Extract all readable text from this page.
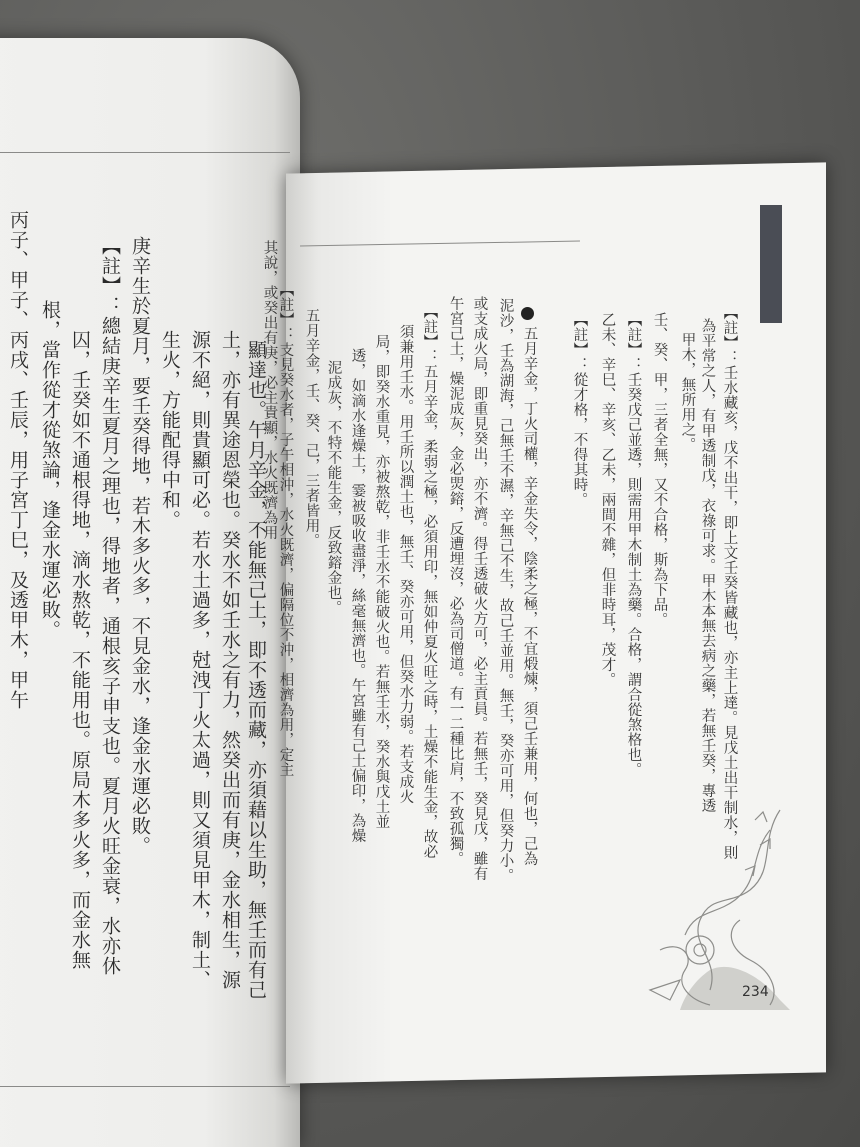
丙子、甲子、丙戌、壬辰，用子宮丁巳，及透甲木，甲午 根，當作從才從煞論，逢金水運必敗。 囚，壬癸如不通根得地，滴水熬乾，不能用也。原局木多火多，而金水無 【註】：總結庚辛生夏月之理也，得地者，通根亥子申支也。夏月火旺金衰，水亦休 庚辛生於夏月，要壬癸得地，若木多火多，不見金水，逢金水運必敗。 生火，方能配得中和。 源不絕，則貴顯可必。若水土過多，尅洩丁火太過，則又須見甲木，制土、 土，亦有異途恩榮也。癸水不如壬水之有力，然癸出而有庚，金水相生，源 顯達也。午月辛金，不能無己土，即不透而藏，亦須藉以生助，無壬而有己
其說，或癸出有庚，必主貴顯，水火既濟為用 【註】：支見癸水者，子午相沖，水火既濟，偏隔位不沖，相濟為用，定主	【註】：壬水藏亥，戊不出干，即上文壬癸皆藏也，亦主上達。見戊土出干制水，則
為平常之人，有甲透制戊，衣祿可求。甲木本無去病之藥，若無壬癸，專透
甲木，無所用之。
壬、癸、甲，三者全無，又不合格，斯為下品。
【註】：壬癸戊己並透，則需用甲木制土為藥。合格，謂合從煞格也。
乙未、辛巳、辛亥、乙未，兩間不雜，但非時耳，茂才。
【註】：從才格，不得其時。
五月辛金，丁火司權，辛金失令，陰柔之極，不宜煅煉，須己壬兼用，何也，己為
泥沙，壬為湖海，己無壬不濕，辛無己不生，故己壬並用。無壬，癸亦可用，但癸力小。
或支成火局，即重見癸出，亦不濟。得壬透破火方可，必主貢員。若無壬，癸見戊，雖有
午宮己土，燥泥成灰，金必焸鎔，反遭埋沒，必為司僧道。有一二種比肩，不致孤獨。
【註】：五月辛金，柔弱之極，必須用印，無如仲夏火旺之時，土燥不能生金，故必
須兼用壬水。用壬所以潤土也，無壬、癸亦可用，但癸水力弱。若支成火
局，即癸水重見，亦被熬乾，非壬水不能破火也。若無壬水，癸水與戊土並
透，如滴水逢燥土，霎被吸收盡淨，絲毫無濟也。午宮雖有己土偏印，為燥
泥成灰，不特不能生金，反致鎔金也。
五月辛金，壬、癸、己，三者皆用。
234
